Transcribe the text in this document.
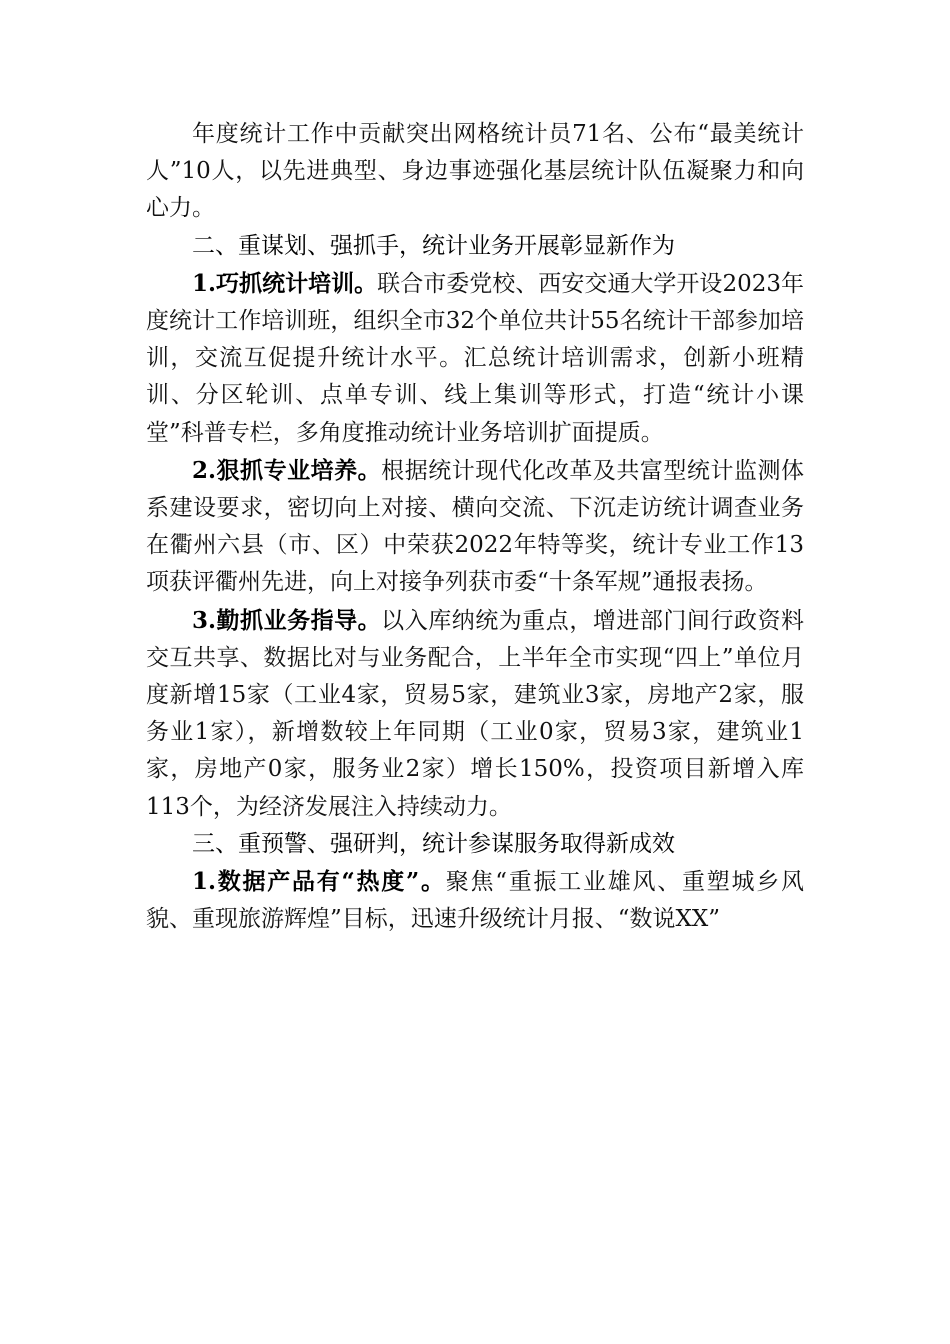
年度统计工作中贡献突出网格统计员71名、公布“最美统计人”10人，以先进典型、身边事迹强化基层统计队伍凝聚力和向心力。

二、重谋划、强抓手，统计业务开展彰显新作为

1.巧抓统计培训。联合市委党校、西安交通大学开设2023年度统计工作培训班，组织全市32个单位共计55名统计干部参加培训，交流互促提升统计水平。汇总统计培训需求，创新小班精训、分区轮训、点单专训、线上集训等形式，打造“统计小课堂”科普专栏，多角度推动统计业务培训扩面提质。

2.狠抓专业培养。根据统计现代化改革及共富型统计监测体系建设要求，密切向上对接、横向交流、下沉走访统计调查业务在衢州六县（市、区）中荣获2022年特等奖，统计专业工作13项获评衢州先进，向上对接争列获市委“十条军规”通报表扬。

3.勤抓业务指导。以入库纳统为重点，增进部门间行政资料交互共享、数据比对与业务配合，上半年全市实现“四上”单位月度新增15家（工业4家，贸易5家，建筑业3家，房地产2家，服务业1家），新增数较上年同期（工业0家，贸易3家，建筑业1家，房地产0家，服务业2家）增长150%，投资项目新增入库113个，为经济发展注入持续动力。

三、重预警、强研判，统计参谋服务取得新成效

1.数据产品有“热度”。聚焦“重振工业雄风、重塑城乡风貌、重现旅游辉煌”目标，迅速升级统计月报、“数说XX”
